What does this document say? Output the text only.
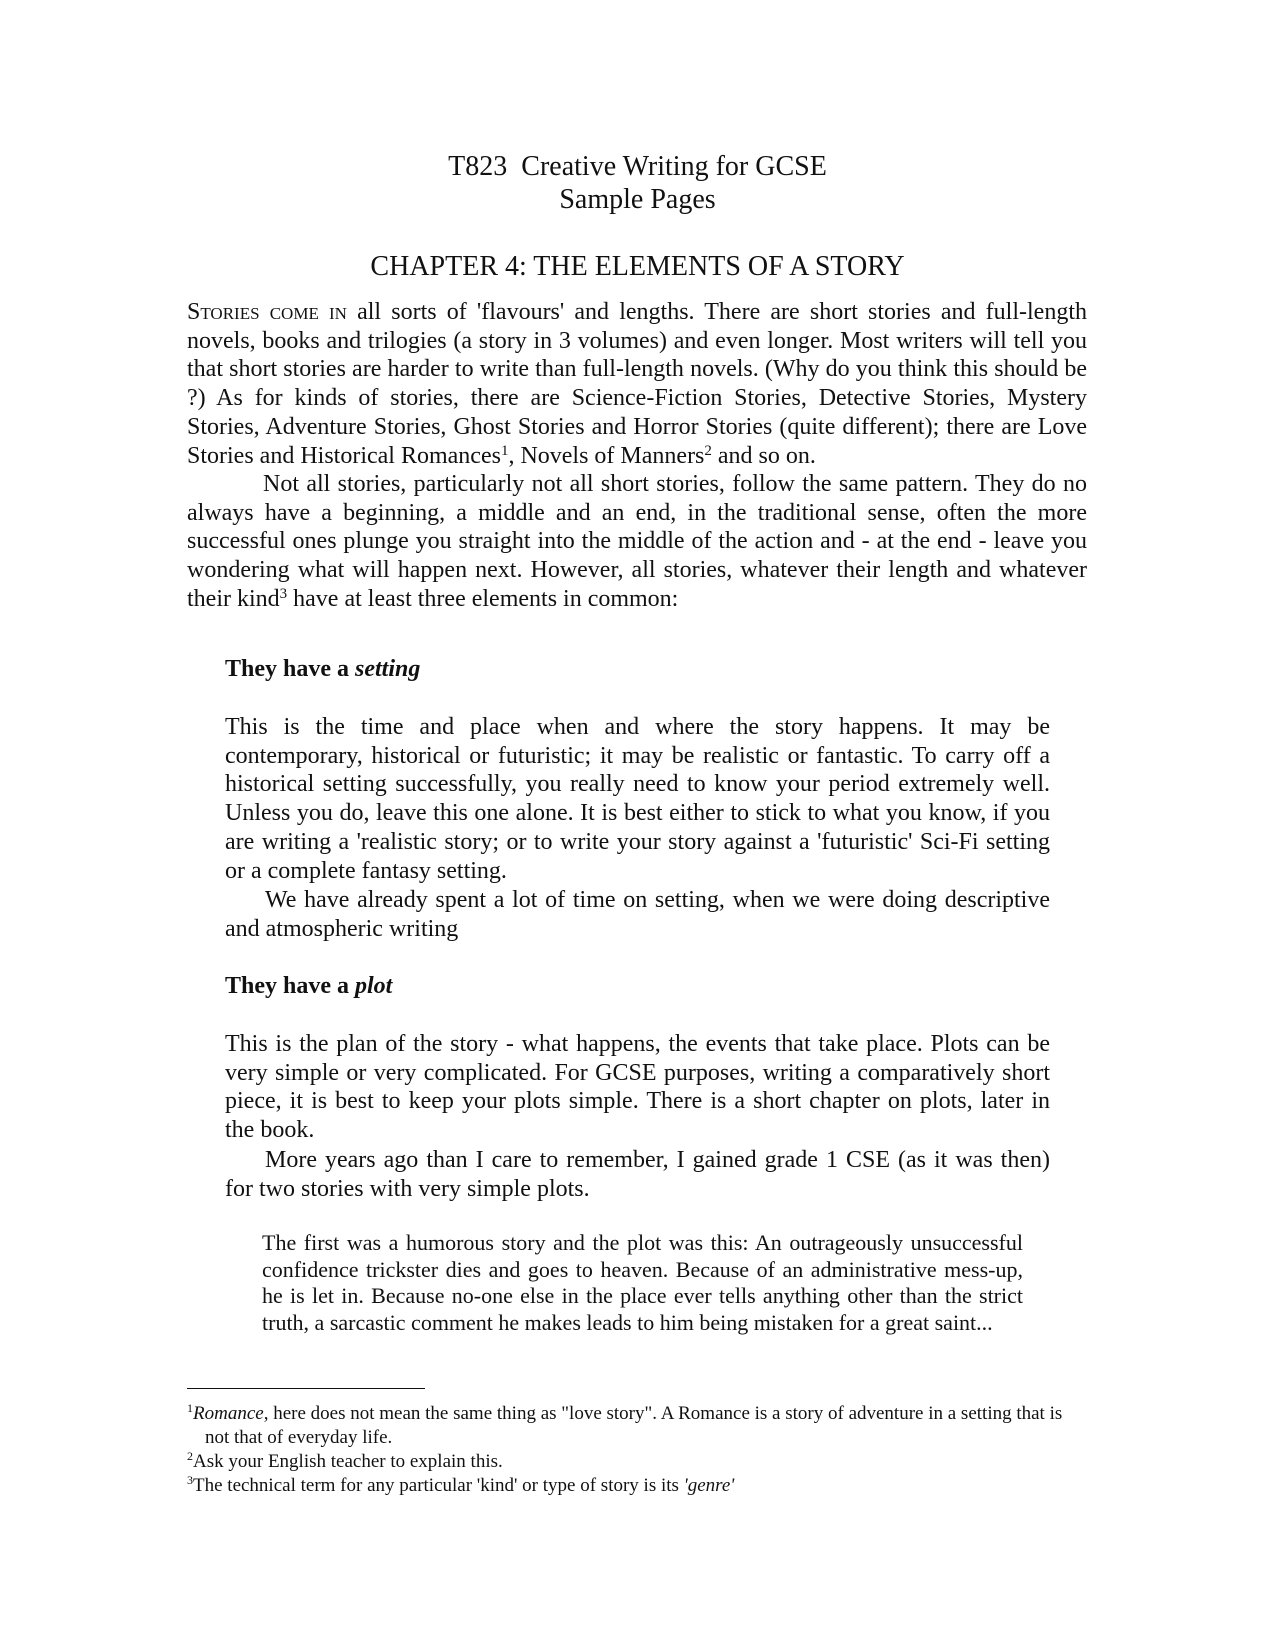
T823  Creative Writing for GCSE
Sample Pages
CHAPTER 4: THE ELEMENTS OF A STORY

Stories come in all sorts of 'flavours' and lengths. There are short stories and full-length novels, books and trilogies (a story in 3 volumes) and even longer. Most writers will tell you that short stories are harder to write than full-length novels. (Why do you think this should be ?) As for kinds of stories, there are Science-Fiction Stories, Detective Stories, Mystery Stories, Adventure Stories, Ghost Stories and Horror Stories (quite different); there are Love Stories and Historical Romances$^1$, Novels of Manners$^2$ and so on.

Not all stories, particularly not all short stories, follow the same pattern. They do no always have a beginning, a middle and an end, in the traditional sense, often the more successful ones plunge you straight into the middle of the action and - at the end - leave you wondering what will happen next. However, all stories, whatever their length and whatever their kind$^3$ have at least three elements in common:

They have a setting

This is the time and place when and where the story happens. It may be contemporary, historical or futuristic; it may be realistic or fantastic. To carry off a historical setting successfully, you really need to know your period extremely well. Unless you do, leave this one alone. It is best either to stick to what you know, if you are writing a 'realistic story; or to write your story against a 'futuristic' Sci-Fi setting or a complete fantasy setting.

We have already spent a lot of time on setting, when we were doing descriptive and atmospheric writing

They have a plot

This is the plan of the story - what happens, the events that take place. Plots can be very simple or very complicated. For GCSE purposes, writing a comparatively short piece, it is best to keep your plots simple. There is a short chapter on plots, later in the book.

More years ago than I care to remember, I gained grade 1 CSE (as it was then) for two stories with very simple plots.

The first was a humorous story and the plot was this: An outrageously unsuccessful confidence trickster dies and goes to heaven. Because of an administrative mess-up, he is let in. Because no-one else in the place ever tells anything other than the strict truth, a sarcastic comment he makes leads to him being mistaken for a great saint...

$^1$Romance, here does not mean the same thing as "love story". A Romance is a story of adventure in a setting that is not that of everyday life.

$^2$Ask your English teacher to explain this.

$^3$The technical term for any particular 'kind' or type of story is its 'genre'
